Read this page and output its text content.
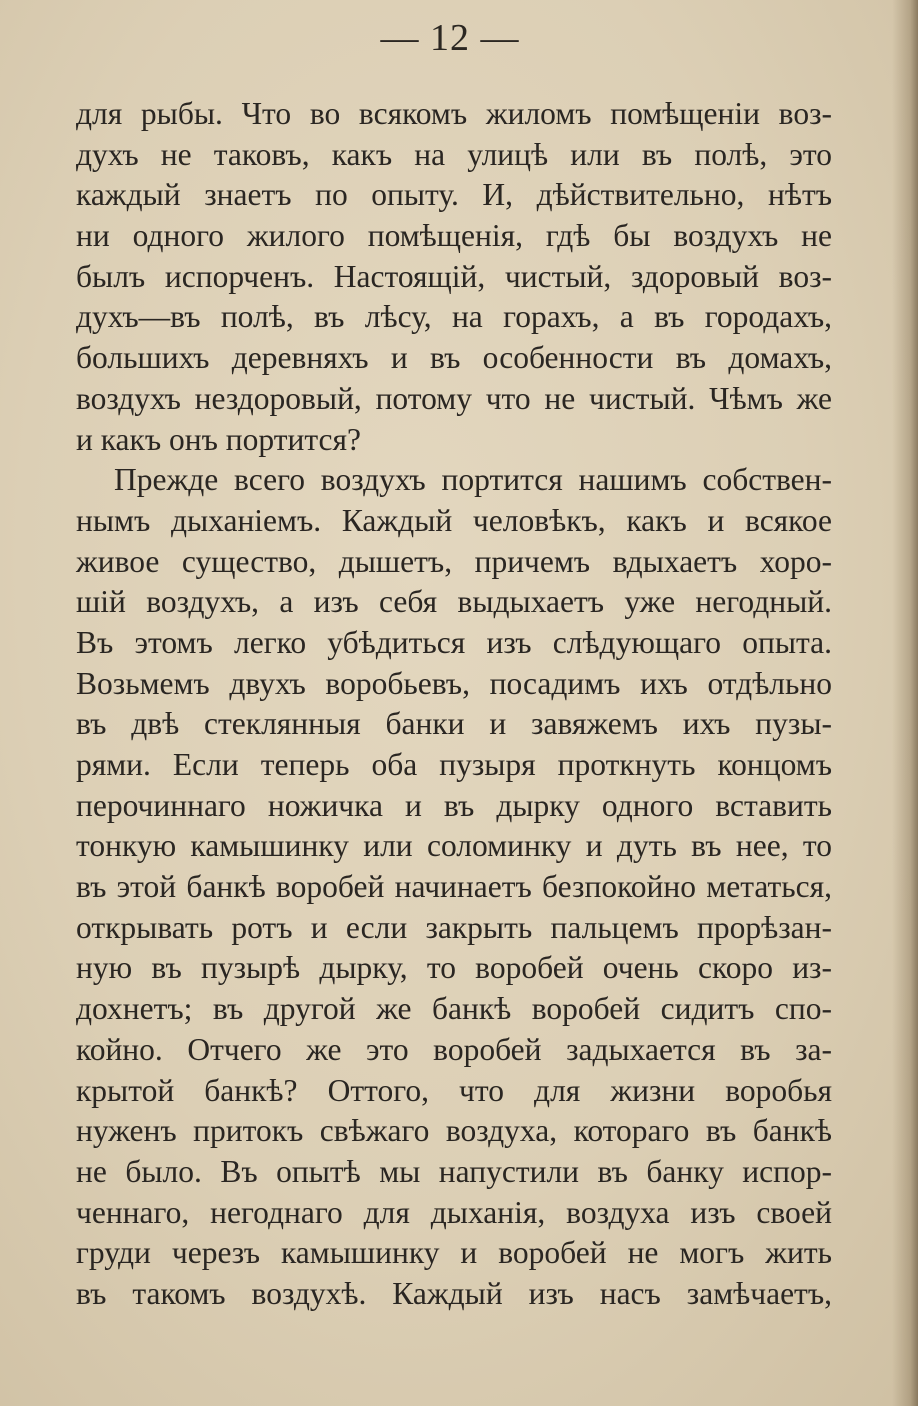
— 12 —
для рыбы. Что во всякомъ жиломъ помѣщенiи воз-
духъ не таковъ, какъ на улицѣ или въ полѣ, это
каждый знаетъ по опыту. И, дѣйствительно, нѣтъ
ни одного жилого помѣщенiя, гдѣ бы воздухъ не
былъ испорченъ. Настоящiй, чистый, здоровый воз-
духъ—въ полѣ, въ лѣсу, на горахъ, а въ городахъ,
большихъ деревняхъ и въ особенности въ домахъ,
воздухъ нездоровый, потому что не чистый. Чѣмъ же
и какъ онъ портится?
Прежде всего воздухъ портится нашимъ собствен-
нымъ дыханiемъ. Каждый человѣкъ, какъ и всякое
живое существо, дышетъ, причемъ вдыхаетъ хоро-
шiй воздухъ, а изъ себя выдыхаетъ уже негодный.
Въ этомъ легко убѣдиться изъ слѣдующаго опыта.
Возьмемъ двухъ воробьевъ, посадимъ ихъ отдѣльно
въ двѣ стеклянныя банки и завяжемъ ихъ пузы-
рями. Если теперь оба пузыря проткнуть концомъ
перочиннаго ножичка и въ дырку одного вставить
тонкую камышинку или соломинку и дуть въ нее, то
въ этой банкѣ воробей начинаетъ безпокойно метаться,
открывать ротъ и если закрыть пальцемъ прорѣзан-
ную въ пузырѣ дырку, то воробей очень скоро из-
дохнетъ; въ другой же банкѣ воробей сидитъ спо-
койно. Отчего же это воробей задыхается въ за-
крытой банкѣ? Оттого, что для жизни воробья
нуженъ притокъ свѣжаго воздуха, котораго въ банкѣ
не было. Въ опытѣ мы напустили въ банку испор-
ченнаго, негоднаго для дыханiя, воздуха изъ своей
груди черезъ камышинку и воробей не могъ жить
въ такомъ воздухѣ. Каждый изъ насъ замѣчаетъ,
